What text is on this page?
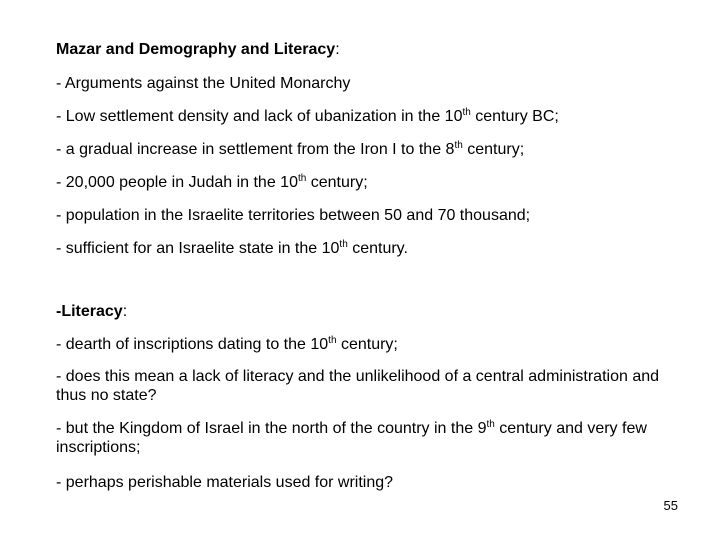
Mazar and Demography and Literacy:
- Arguments against the United Monarchy
- Low settlement density and lack of ubanization in the 10th century BC;
- a gradual increase in settlement from the Iron I to the 8th century;
- 20,000 people in Judah in the 10th century;
- population in the Israelite territories between 50 and 70 thousand;
- sufficient for an Israelite state in the 10th century.
-Literacy:
- dearth of inscriptions dating to the 10th century;
- does this mean a lack of literacy and the unlikelihood of a central administration and thus no state?
- but the Kingdom of Israel in the north of the country in the 9th century and very few inscriptions;
- perhaps perishable materials used for writing?
55
